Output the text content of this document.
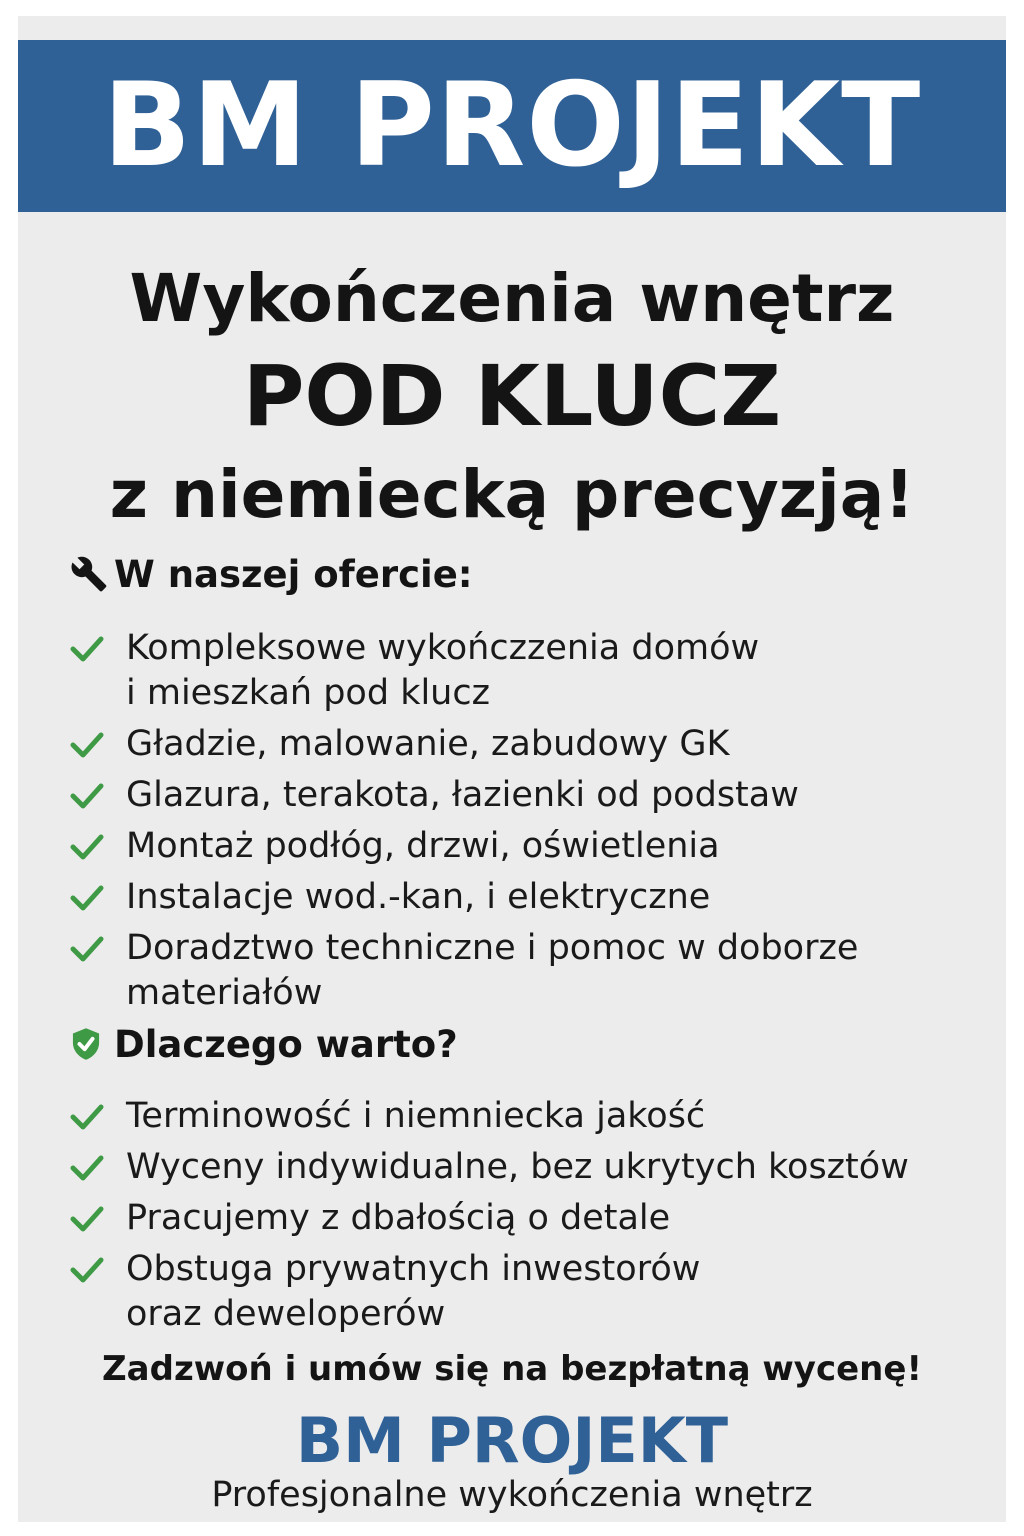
BM PROJEKT
Wykończenia wnętrz
POD KLUCZ
z niemiecką precyzją!
W naszej ofercie:
Kompleksowe wykończzenia domów
i mieszkań pod klucz
Gładzie, malowanie, zabudowy GK
Glazura, terakota, łazienki od podstaw
Montaż podłóg, drzwi, oświetlenia
Instalacje wod.-kan, i elektryczne
Doradztwo techniczne i pomoc w doborze
materiałów
Dlaczego warto?
Terminowość i niemniecka jakość
Wyceny indywidualne, bez ukrytych kosztów
Pracujemy z dbałością o detale
Obstuga prywatnych inwestorów
oraz deweloperów
Zadzwoń i umów się na bezpłatną wycenę!
BM PROJEKT
Profesjonalne wykończenia wnętrz
